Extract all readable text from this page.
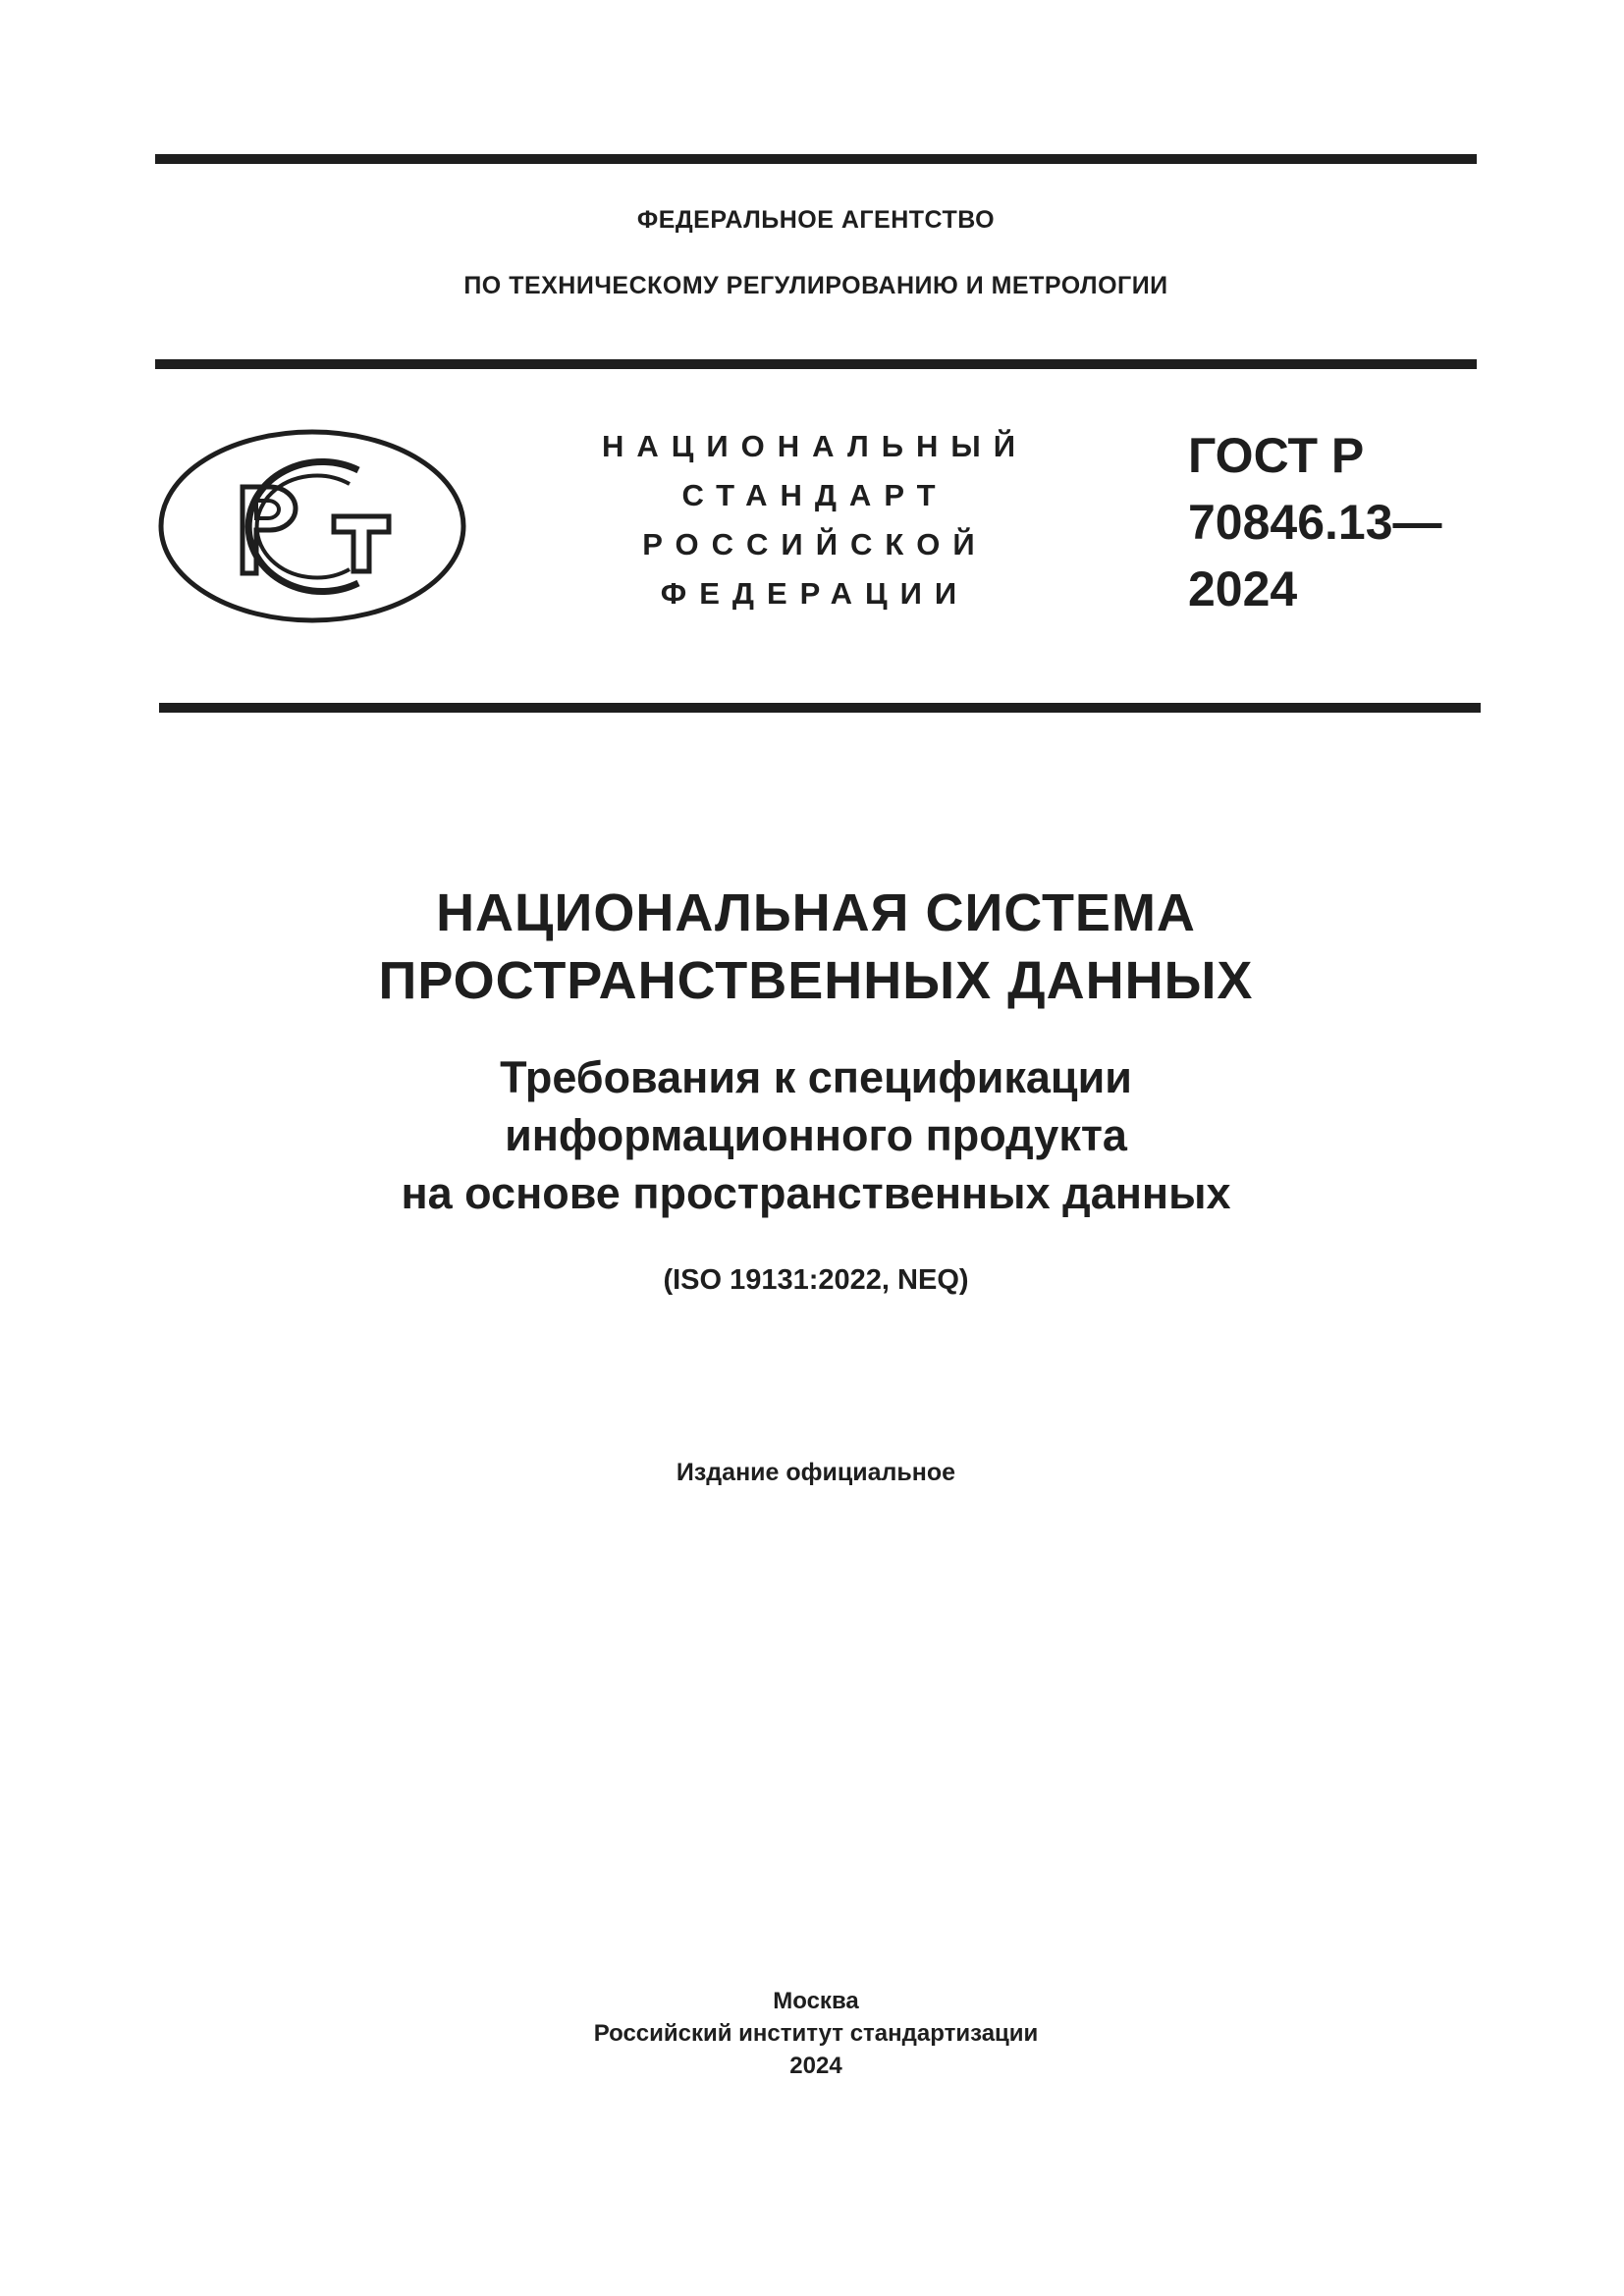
ФЕДЕРАЛЬНОЕ АГЕНТСТВО
ПО ТЕХНИЧЕСКОМУ РЕГУЛИРОВАНИЮ И МЕТРОЛОГИИ
НАЦИОНАЛЬНЫЙ
СТАНДАРТ
РОССИЙСКОЙ
ФЕДЕРАЦИИ
ГОСТ Р
70846.13—
2024
НАЦИОНАЛЬНАЯ СИСТЕМА
ПРОСТРАНСТВЕННЫХ ДАННЫХ
Требования к спецификации
информационного продукта
на основе пространственных данных
(ISO 19131:2022, NEQ)
Издание официальное
Москва
Российский институт стандартизации
2024
